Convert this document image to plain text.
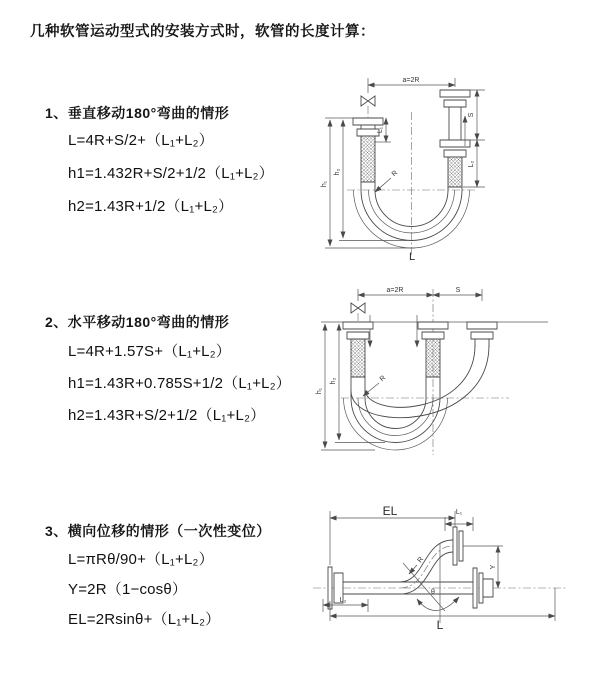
几种软管运动型式的安装方式时，软管的长度计算：
1、垂直移动180°弯曲的情形
L=4R+S/2+（L₁+L₂）
h1=1.432R+S/2+1/2（L₁+L₂）
h2=1.43R+1/2（L₁+L₂）
2、水平移动180°弯曲的情形
L=4R+1.57S+（L₁+L₂）
h1=1.43R+0.785S+1/2（L₁+L₂）
h2=1.43R+S/2+1/2（L₁+L₂）
3、横向位移的情形（一次性变位）
L=πRθ/90+（L₁+L₂）
Y=2R（1−cosθ）
EL=2Rsinθ+（L₁+L₂）
a=2R
h₁
h₂
L₁
S
L₂
R
L
a=2R	S
h₁
h₂	R
EL	L₁
Y
θ
R
L₂
L
